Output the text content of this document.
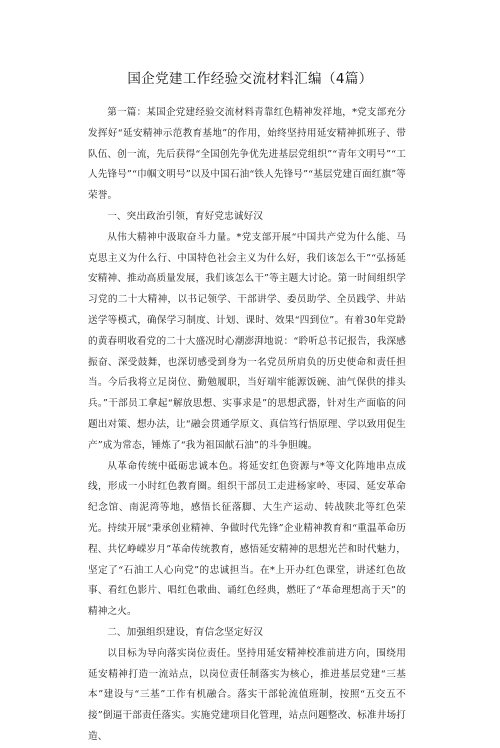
国企党建工作经验交流材料汇编（4篇）

第一篇：某国企党建经验交流材料青靠红色精神发祥地，*党支部充分发挥好“延安精神示范教育基地”的作用，始终坚持用延安精神抓班子、带队伍、创一流，先后获得“全国创先争优先进基层党组织”“青年文明号”“工人先锋号”“巾帼文明号”以及中国石油“铁人先锋号”“基层党建百面红旗”等荣誉。

一、突出政治引领，育好党忠诚好汉

从伟大精神中汲取奋斗力量。*党支部开展“中国共产党为什么能、马克思主义为什么行、中国特色社会主义为什么好，我们该怎么干”“弘扬延安精神、推动高质量发展，我们该怎么干”等主题大讨论。第一时间组织学习党的二十大精神，以书记领学、干部讲学、委员助学、全员践学、井站送学等模式，确保学习制度、计划、课时、效果“四到位”。有着30年党龄的黄春明收看党的二十大盛况时心潮澎湃地说：“聆听总书记报告，我深感振奋、深受鼓舞，也深切感受到身为一名党员所肩负的历史使命和责任担当。今后我将立足岗位、勤勉履职，当好端牢能源饭碗、油气保供的排头兵。”干部员工拿起“解放思想、实事求是”的思想武器，针对生产面临的问题出对策、想办法，让“融会贯通学原文、真信笃行悟原理、学以致用促生产”成为常态，锤炼了“我为祖国献石油”的斗争胆魄。

从革命传统中砥砺忠诚本色。将延安红色资源与*等文化阵地串点成线，形成一小时红色教育圈。组织干部员工走进杨家岭、枣园、延安革命纪念馆、南泥湾等地，感悟长征落脚、大生产运动、转战陕北等红色荣光。持续开展“秉承创业精神、争做时代先锋”企业精神教育和“重温革命历程、共忆峥嵘岁月”革命传统教育，感悟延安精神的思想光芒和时代魅力，坚定了“石油工人心向党”的忠诚担当。在*上开办红色课堂，讲述红色故事、看红色影片、唱红色歌曲、诵红色经典，燃旺了“革命理想高于天”的精神之火。

二、加强组织建设，育信念坚定好汉

以目标为导向落实岗位责任。坚持用延安精神校准前进方向，围绕用延安精神打造一流站点，以岗位责任制落实为核心，推进基层党建“三基本”建设与“三基”工作有机融合。落实干部轮流值班制，按照“五交五不接”倒逼干部责任落实。实施党建项目化管理，站点问题整改、标准井场打造、
